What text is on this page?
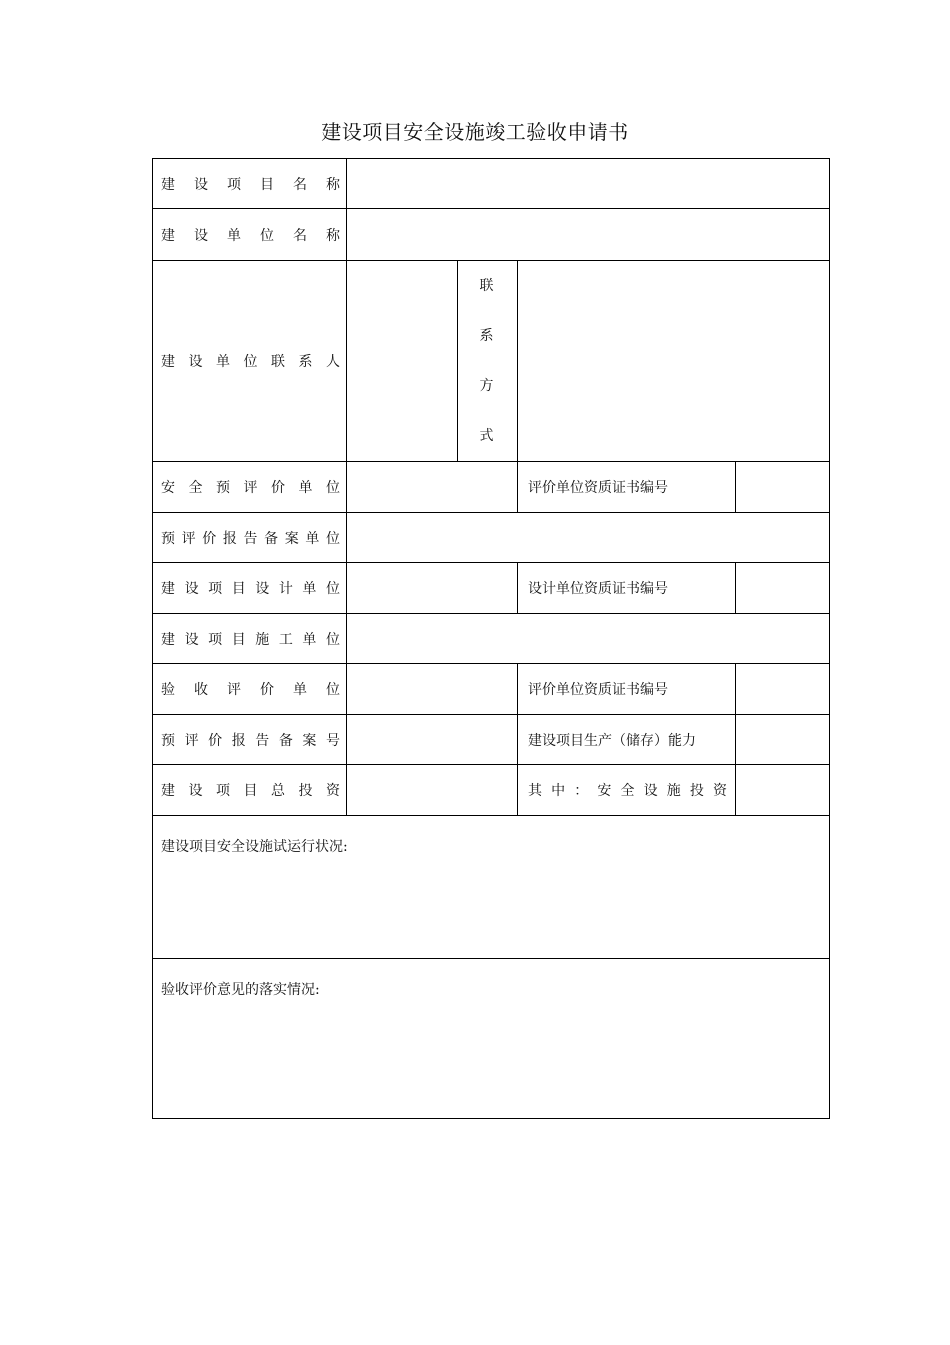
建设项目安全设施竣工验收申请书
建 设 项 目 名 称				

建 设 单 位 名 称				

建 设 单 位 联 系 人		联 系
方 式		

安 全 预 评 价 单 位			评价单位资质证书编号	

预 评 价 报 告 备 案 单 位				

建 设 项 目 设 计 单 位			设计单位资质证书编号	

建 设 项 目 施 工 单 位				

验 收 评 价 单 位			评价单位资质证书编号	

预 评 价 报 告 备 案 号			建设项目生产（储存）能力	

建 设 项 目 总 投 资			其 中 ： 安 全 设 施 投 资	

建设项目安全设施试运行状况:				
验收评价意见的落实情况:				
